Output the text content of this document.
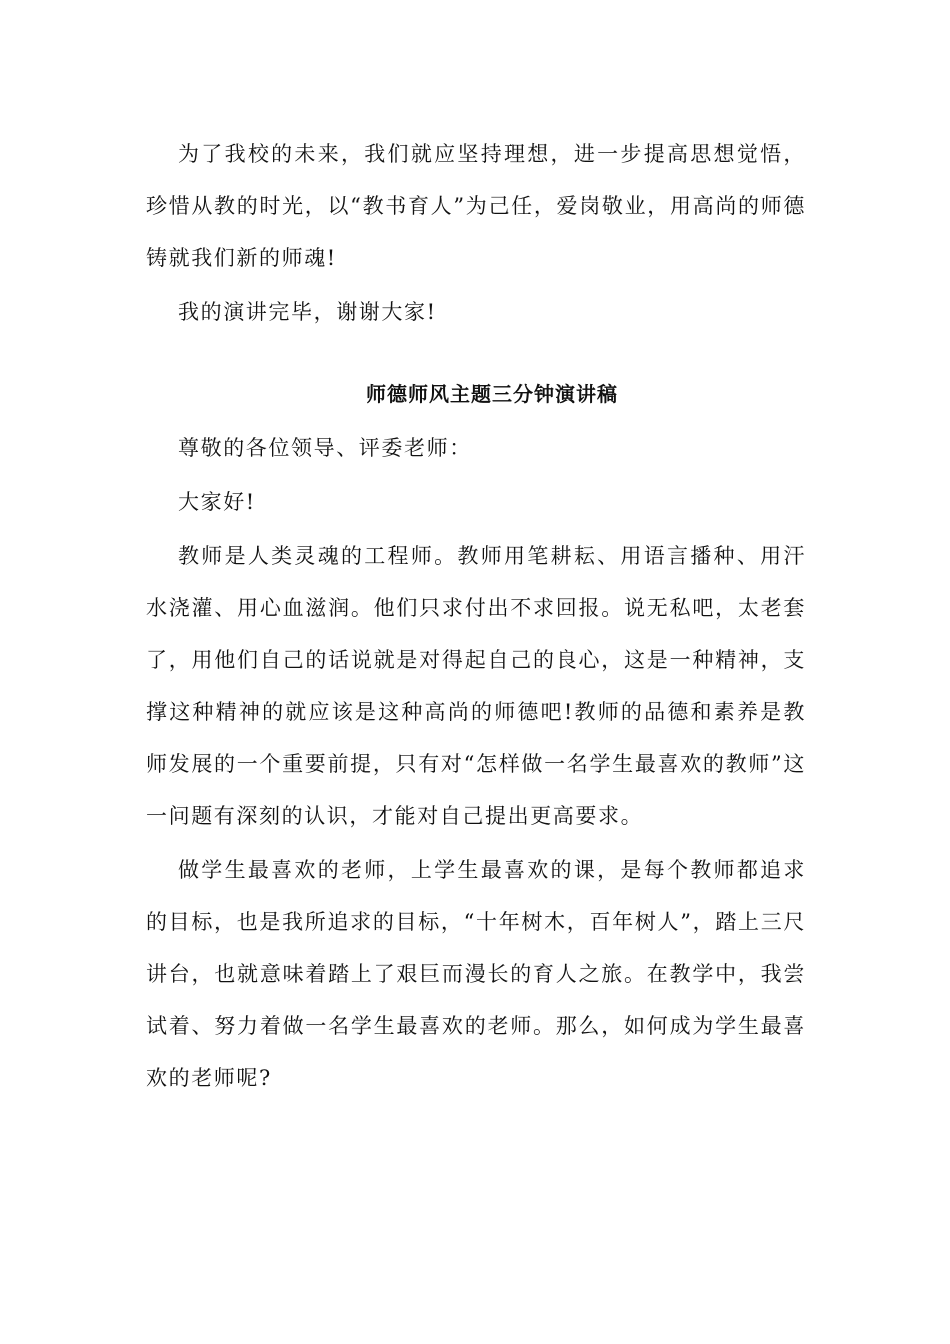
为了我校的未来，我们就应坚持理想，进一步提高思想觉悟，珍惜从教的时光，以“教书育人”为己任，爱岗敬业，用高尚的师德铸就我们新的师魂!

我的演讲完毕，谢谢大家!

师德师风主题三分钟演讲稿

尊敬的各位领导、评委老师：

大家好!

教师是人类灵魂的工程师。教师用笔耕耘、用语言播种、用汗水浇灌、用心血滋润。他们只求付出不求回报。说无私吧，太老套了，用他们自己的话说就是对得起自己的良心，这是一种精神，支撑这种精神的就应该是这种高尚的师德吧!教师的品德和素养是教师发展的一个重要前提，只有对“怎样做一名学生最喜欢的教师”这一问题有深刻的认识，才能对自己提出更高要求。

做学生最喜欢的老师，上学生最喜欢的课，是每个教师都追求的目标，也是我所追求的目标，“十年树木，百年树人”，踏上三尺讲台，也就意味着踏上了艰巨而漫长的育人之旅。在教学中，我尝试着、努力着做一名学生最喜欢的老师。那么，如何成为学生最喜欢的老师呢?
